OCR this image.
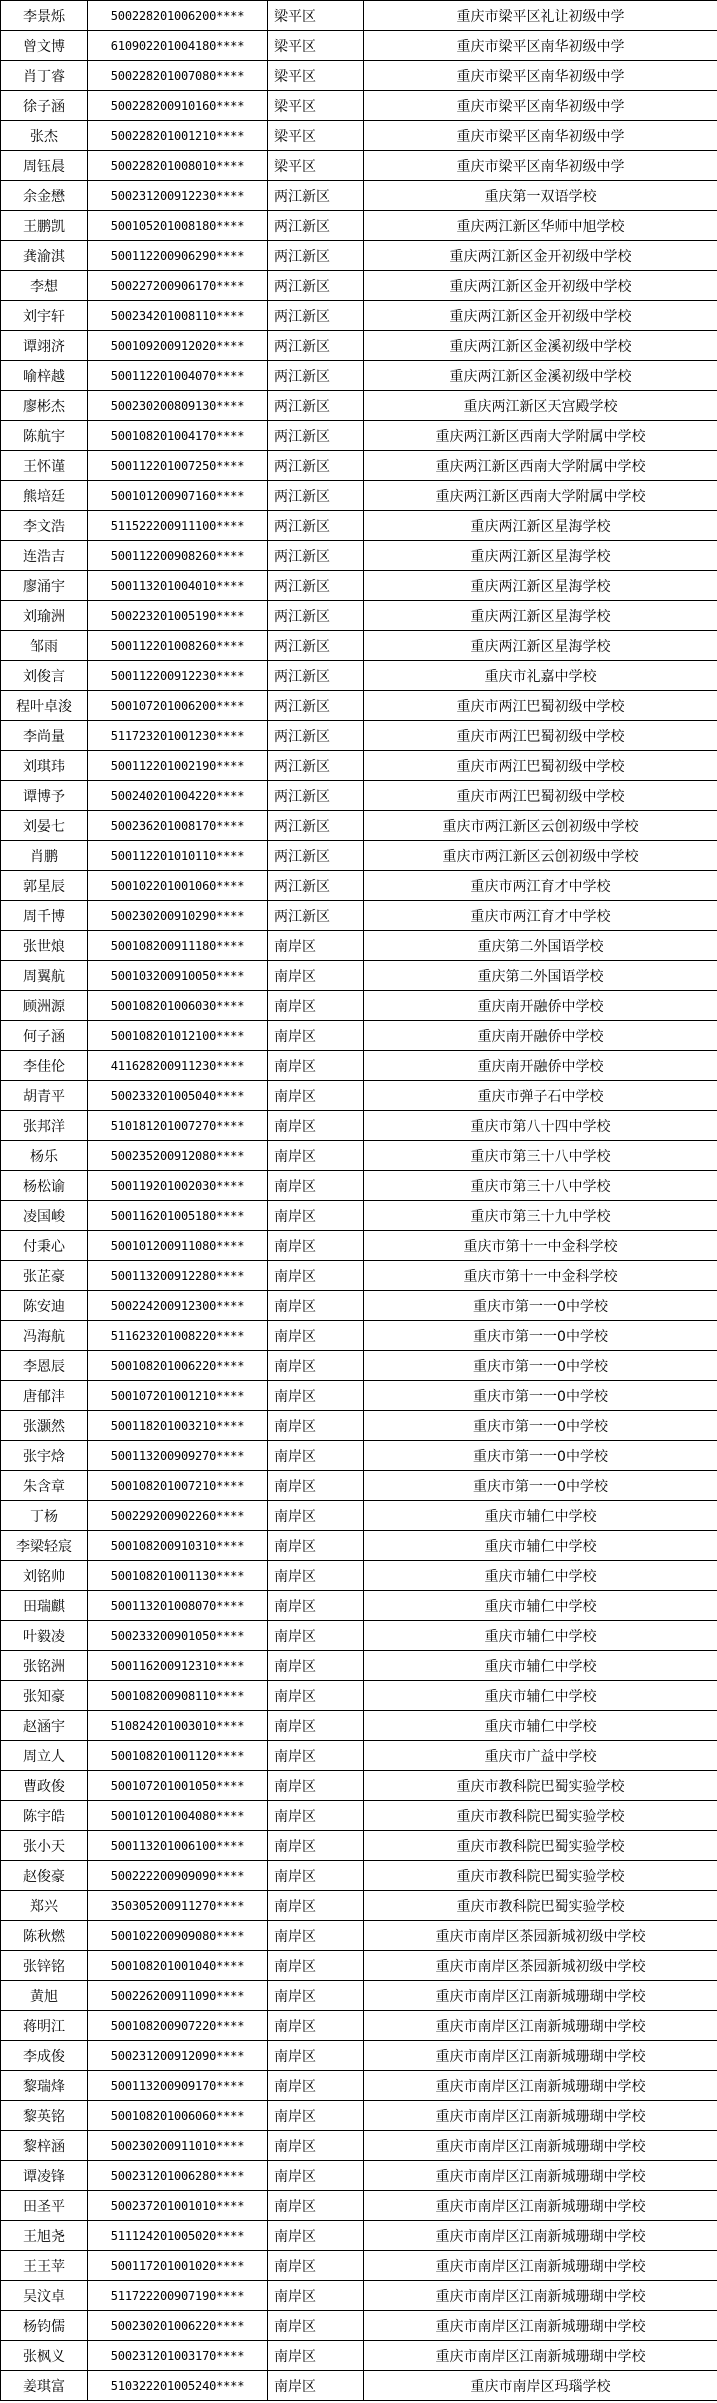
李景烁	500228201006200****	梁平区	重庆市梁平区礼让初级中学
曾文博	610902201004180****	梁平区	重庆市梁平区南华初级中学
肖丁睿	500228201007080****	梁平区	重庆市梁平区南华初级中学
徐子涵	500228200910160****	梁平区	重庆市梁平区南华初级中学
张杰	500228201001210****	梁平区	重庆市梁平区南华初级中学
周钰晨	500228201008010****	梁平区	重庆市梁平区南华初级中学
余金懋	500231200912230****	两江新区	重庆第一双语学校
王鹏凯	500105201008180****	两江新区	重庆两江新区华师中旭学校
龚渝淇	500112200906290****	两江新区	重庆两江新区金开初级中学校
李想	500227200906170****	两江新区	重庆两江新区金开初级中学校
刘宇轩	500234201008110****	两江新区	重庆两江新区金开初级中学校
谭翊济	500109200912020****	两江新区	重庆两江新区金溪初级中学校
喻梓越	500112201004070****	两江新区	重庆两江新区金溪初级中学校
廖彬杰	500230200809130****	两江新区	重庆两江新区天宫殿学校
陈航宇	500108201004170****	两江新区	重庆两江新区西南大学附属中学校
王怀谨	500112201007250****	两江新区	重庆两江新区西南大学附属中学校
熊培廷	500101200907160****	两江新区	重庆两江新区西南大学附属中学校
李文浩	511522200911100****	两江新区	重庆两江新区星海学校
连浩吉	500112200908260****	两江新区	重庆两江新区星海学校
廖涌宇	500113201004010****	两江新区	重庆两江新区星海学校
刘瑜洲	500223201005190****	两江新区	重庆两江新区星海学校
邹雨	500112201008260****	两江新区	重庆两江新区星海学校
刘俊言	500112200912230****	两江新区	重庆市礼嘉中学校
程叶卓浚	500107201006200****	两江新区	重庆市两江巴蜀初级中学校
李尚量	511723201001230****	两江新区	重庆市两江巴蜀初级中学校
刘琪玮	500112201002190****	两江新区	重庆市两江巴蜀初级中学校
谭博予	500240201004220****	两江新区	重庆市两江巴蜀初级中学校
刘晏七	500236201008170****	两江新区	重庆市两江新区云创初级中学校
肖鹏	500112201010110****	两江新区	重庆市两江新区云创初级中学校
郭星辰	500102201001060****	两江新区	重庆市两江育才中学校
周千博	500230200910290****	两江新区	重庆市两江育才中学校
张世烺	500108200911180****	南岸区	重庆第二外国语学校
周翼航	500103200910050****	南岸区	重庆第二外国语学校
顾洲源	500108201006030****	南岸区	重庆南开融侨中学校
何子涵	500108201012100****	南岸区	重庆南开融侨中学校
李佳伦	411628200911230****	南岸区	重庆南开融侨中学校
胡青平	500233201005040****	南岸区	重庆市弹子石中学校
张邦洋	510181201007270****	南岸区	重庆市第八十四中学校
杨乐	500235200912080****	南岸区	重庆市第三十八中学校
杨松谕	500119201002030****	南岸区	重庆市第三十八中学校
凌国峻	500116201005180****	南岸区	重庆市第三十九中学校
付秉心	500101200911080****	南岸区	重庆市第十一中金科学校
张芷豪	500113200912280****	南岸区	重庆市第十一中金科学校
陈安迪	500224200912300****	南岸区	重庆市第一一0中学校
冯海航	511623201008220****	南岸区	重庆市第一一0中学校
李恩辰	500108201006220****	南岸区	重庆市第一一0中学校
唐郁沣	500107201001210****	南岸区	重庆市第一一0中学校
张灏然	500118201003210****	南岸区	重庆市第一一0中学校
张宇焓	500113200909270****	南岸区	重庆市第一一0中学校
朱含章	500108201007210****	南岸区	重庆市第一一0中学校
丁杨	500229200902260****	南岸区	重庆市辅仁中学校
李梁轻宸	500108200910310****	南岸区	重庆市辅仁中学校
刘铭帅	500108201001130****	南岸区	重庆市辅仁中学校
田瑞麒	500113201008070****	南岸区	重庆市辅仁中学校
叶毅凌	500233200901050****	南岸区	重庆市辅仁中学校
张铭洲	500116200912310****	南岸区	重庆市辅仁中学校
张知豪	500108200908110****	南岸区	重庆市辅仁中学校
赵涵宇	510824201003010****	南岸区	重庆市辅仁中学校
周立人	500108201001120****	南岸区	重庆市广益中学校
曹政俊	500107201001050****	南岸区	重庆市教科院巴蜀实验学校
陈宇皓	500101201004080****	南岸区	重庆市教科院巴蜀实验学校
张小天	500113201006100****	南岸区	重庆市教科院巴蜀实验学校
赵俊豪	500222200909090****	南岸区	重庆市教科院巴蜀实验学校
郑兴	350305200911270****	南岸区	重庆市教科院巴蜀实验学校
陈秋燃	500102200909080****	南岸区	重庆市南岸区茶园新城初级中学校
张锌铭	500108201001040****	南岸区	重庆市南岸区茶园新城初级中学校
黄旭	500226200911090****	南岸区	重庆市南岸区江南新城珊瑚中学校
蒋明江	500108200907220****	南岸区	重庆市南岸区江南新城珊瑚中学校
李成俊	500231200912090****	南岸区	重庆市南岸区江南新城珊瑚中学校
黎瑞烽	500113200909170****	南岸区	重庆市南岸区江南新城珊瑚中学校
黎英铭	500108201006060****	南岸区	重庆市南岸区江南新城珊瑚中学校
黎梓涵	500230200911010****	南岸区	重庆市南岸区江南新城珊瑚中学校
谭凌锋	500231201006280****	南岸区	重庆市南岸区江南新城珊瑚中学校
田圣平	500237201001010****	南岸区	重庆市南岸区江南新城珊瑚中学校
王旭尧	511124201005020****	南岸区	重庆市南岸区江南新城珊瑚中学校
王王苹	500117201001020****	南岸区	重庆市南岸区江南新城珊瑚中学校
吴汶卓	511722200907190****	南岸区	重庆市南岸区江南新城珊瑚中学校
杨钧儒	500230201006220****	南岸区	重庆市南岸区江南新城珊瑚中学校
张枫义	500231201003170****	南岸区	重庆市南岸区江南新城珊瑚中学校
姜琪富	510322201005240****	南岸区	重庆市南岸区玛瑙学校
